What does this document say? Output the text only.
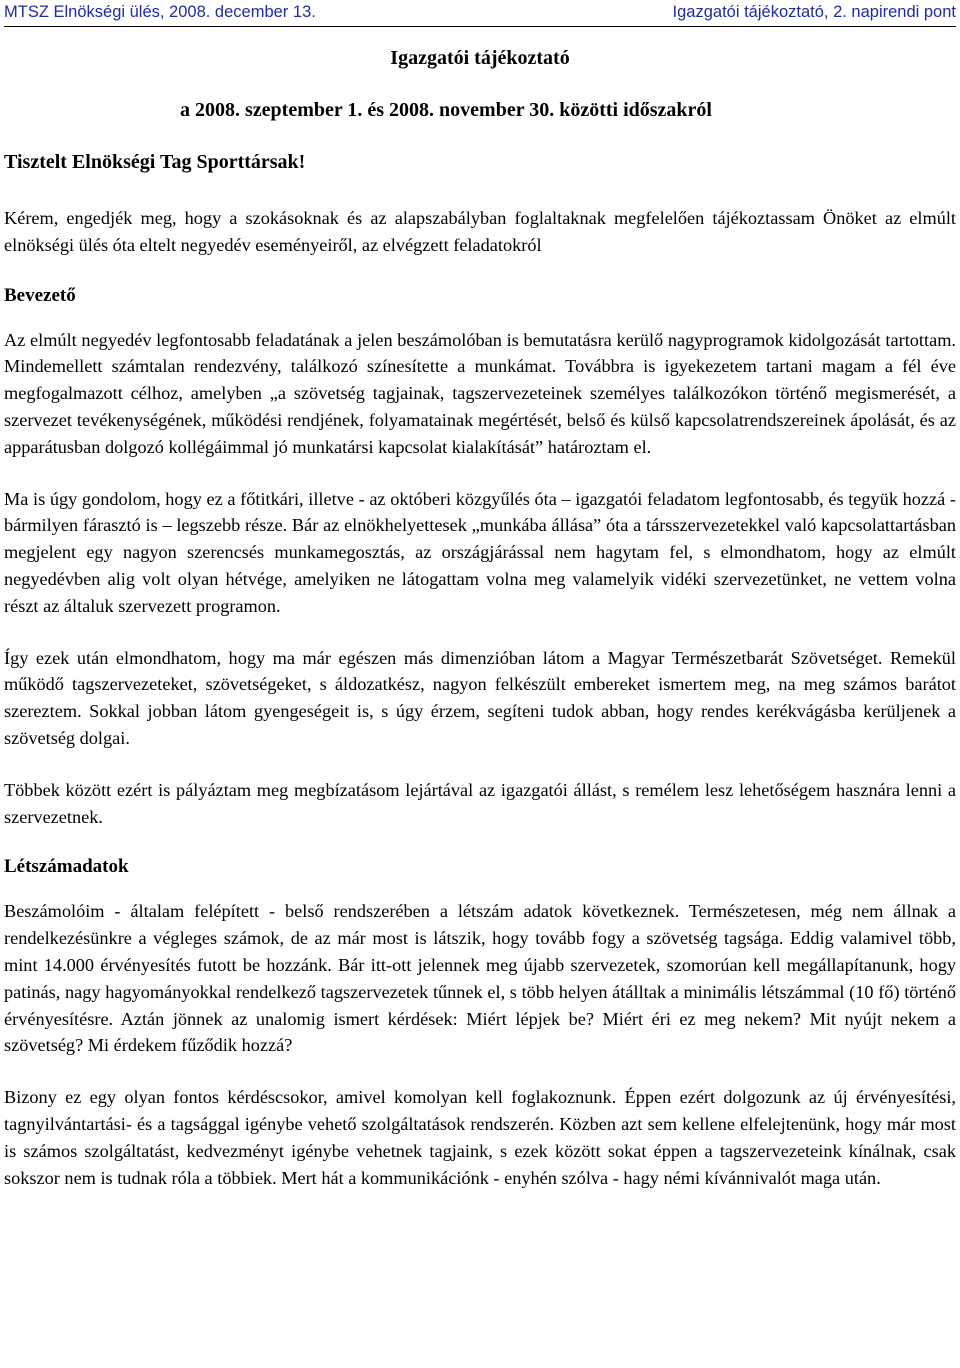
MTSZ Elnökségi ülés, 2008. december 13.	Igazgatói tájékoztató, 2. napirendi pont
Igazgatói tájékoztató
a 2008. szeptember 1. és 2008. november 30. közötti időszakról
Tisztelt Elnökségi Tag Sporttársak!

Kérem, engedjék meg, hogy a szokásoknak és az alapszabályban foglaltaknak megfelelően tájékoztassam Önöket az elmúlt elnökségi ülés óta eltelt negyedév eseményeiről, az elvégzett feladatokról

Bevezető

Az elmúlt negyedév legfontosabb feladatának a jelen beszámolóban is bemutatásra kerülő nagyprogramok kidolgozását tartottam. Mindemellett számtalan rendezvény, találkozó színesítette a munkámat. Továbbra is igyekezetem tartani magam a fél éve megfogalmazott célhoz, amelyben „a szövetség tagjainak, tagszervezeteinek személyes találkozókon történő megismerését, a szervezet tevékenységének, működési rendjének, folyamatainak megértését, belső és külső kapcsolatrendszereinek ápolását, és az apparátusban dolgozó kollégáimmal jó munkatársi kapcsolat kialakítását” határoztam el.

Ma is úgy gondolom, hogy ez a főtitkári, illetve - az októberi közgyűlés óta – igazgatói feladatom legfontosabb, és tegyük hozzá - bármilyen fárasztó is – legszebb része. Bár az elnökhelyettesek „munkába állása” óta a társszervezetekkel való kapcsolattartásban megjelent egy nagyon szerencsés munkamegosztás, az országjárással nem hagytam fel, s elmondhatom, hogy az elmúlt negyedévben alig volt olyan hétvége, amelyiken ne látogattam volna meg valamelyik vidéki szervezetünket, ne vettem volna részt az általuk szervezett programon.

Így ezek után elmondhatom, hogy ma már egészen más dimenzióban látom a Magyar Természetbarát Szövetséget. Remekül működő tagszervezeteket, szövetségeket, s áldozatkész, nagyon felkészült embereket ismertem meg, na meg számos barátot szereztem. Sokkal jobban látom gyengeségeit is, s úgy érzem, segíteni tudok abban, hogy rendes kerékvágásba kerüljenek a szövetség dolgai.

Többek között ezért is pályáztam meg megbízatásom lejártával az igazgatói állást, s remélem lesz lehetőségem hasznára lenni a szervezetnek.

Létszámadatok

Beszámolóim - általam felépített - belső rendszerében a létszám adatok következnek. Természetesen, még nem állnak a rendelkezésünkre a végleges számok, de az már most is látszik, hogy tovább fogy a szövetség tagsága. Eddig valamivel több, mint 14.000 érvényesítés futott be hozzánk. Bár itt-ott jelennek meg újabb szervezetek, szomorúan kell megállapítanunk, hogy patinás, nagy hagyományokkal rendelkező tagszervezetek tűnnek el, s több helyen átálltak a minimális létszámmal (10 fő) történő érvényesítésre. Aztán jönnek az unalomig ismert kérdések: Miért lépjek be? Miért éri ez meg nekem? Mit nyújt nekem a szövetség? Mi érdekem fűződik hozzá?

Bizony ez egy olyan fontos kérdéscsokor, amivel komolyan kell foglakoznunk. Éppen ezért dolgozunk az új érvényesítési, tagnyilvántartási- és a tagsággal igénybe vehető szolgáltatások rendszerén. Közben azt sem kellene elfelejtenünk, hogy már most is számos szolgáltatást, kedvezményt igénybe vehetnek tagjaink, s ezek között sokat éppen a tagszervezeteink kínálnak, csak sokszor nem is tudnak róla a többiek. Mert hát a kommunikációnk - enyhén szólva - hagy némi kívánnivalót maga után.
